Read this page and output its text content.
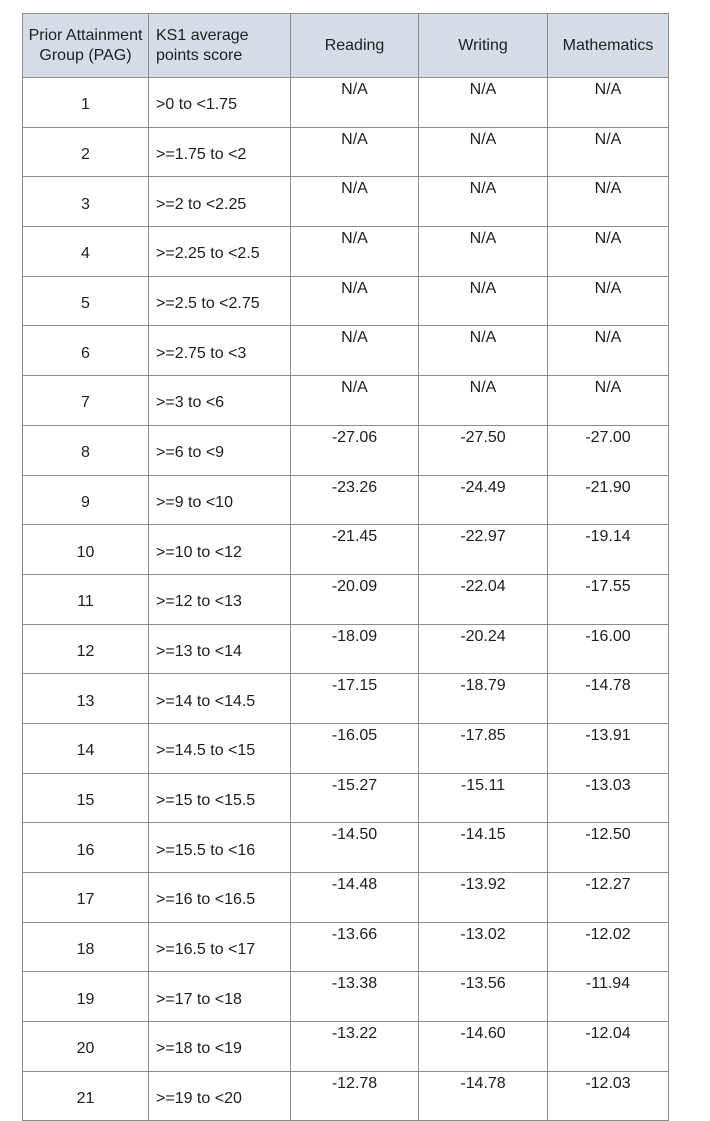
Prior Attainment Group (PAG)	KS1 average points score	Reading	Writing	Mathematics
1	>0 to <1.75	N/A	N/A	N/A
2	>=1.75 to <2	N/A	N/A	N/A
3	>=2 to <2.25	N/A	N/A	N/A
4	>=2.25 to <2.5	N/A	N/A	N/A
5	>=2.5 to <2.75	N/A	N/A	N/A
6	>=2.75 to <3	N/A	N/A	N/A
7	>=3 to <6	N/A	N/A	N/A
8	>=6 to <9	-27.06	-27.50	-27.00
9	>=9 to <10	-23.26	-24.49	-21.90
10	>=10 to <12	-21.45	-22.97	-19.14
11	>=12 to <13	-20.09	-22.04	-17.55
12	>=13 to <14	-18.09	-20.24	-16.00
13	>=14 to <14.5	-17.15	-18.79	-14.78
14	>=14.5 to <15	-16.05	-17.85	-13.91
15	>=15 to <15.5	-15.27	-15.11	-13.03
16	>=15.5 to <16	-14.50	-14.15	-12.50
17	>=16 to <16.5	-14.48	-13.92	-12.27
18	>=16.5 to <17	-13.66	-13.02	-12.02
19	>=17 to <18	-13.38	-13.56	-11.94
20	>=18 to <19	-13.22	-14.60	-12.04
21	>=19 to <20	-12.78	-14.78	-12.03
